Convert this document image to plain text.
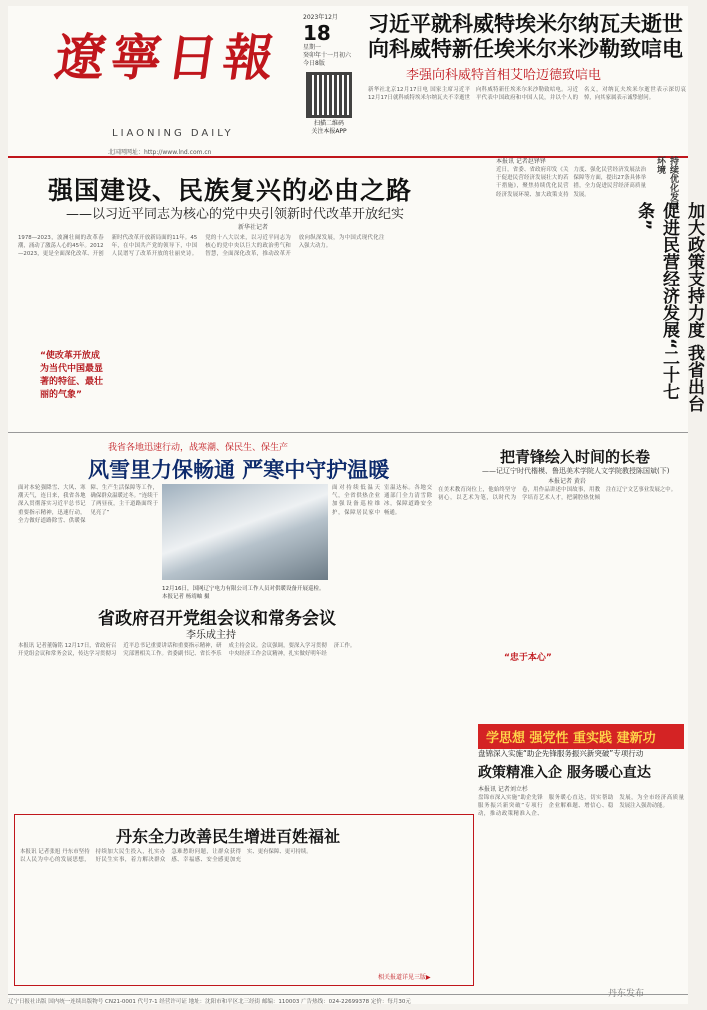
遼寧日報
LIAONING DAILY
2023年12月
18
星期一
癸卯年十一月初六
今日8版
扫描二维码
关注本报APP
习近平就科威特埃米尔纳瓦夫逝世
向科威特新任埃米尔米沙勒致唁电
李强向科威特首相艾哈迈德致唁电
新华社北京12月17日电 国家主席习近平12月17日就科威特埃米尔纳瓦夫不幸逝世向科威特新任埃米尔米沙勒致唁电。习近平代表中国政府和中国人民，并以个人的名义，对纳瓦夫埃米尔逝世表示深切哀悼，向其家属表示诚挚慰问。
北国网网址：http://www.lnd.com.cn
强国建设、民族复兴的必由之路
——以习近平同志为核心的党中央引领新时代改革开放纪实
新华社记者
1978—2023，波澜壮阔的改革春潮，涌动了激荡人心的45年。2012—2023，更是全面深化改革、开创新时代改革开放新局面的11年。45年，在中国共产党的领导下，中国人民谱写了改革开放的壮丽史诗。党的十八大以来，以习近平同志为核心的党中央以巨大的政治勇气和智慧，全面深化改革，推动改革开放向纵深发展，为中国式现代化注入强大动力。
“使改革开放成为当代中国最显著的特征、最壮丽的气象”
本报讯 记者赵铎铎
近日，省委、省政府印发《关于促进民营经济发展壮大的若干措施》，聚焦持续优化民营经济发展环境、加大政策支持力度、强化民营经济发展法治保障等方面，提出27条具体举措，全力促进民营经济高质量发展。	持续优化发展环境
加大政策支持力度 我省出台促进民营经济发展“二十七条”
我省各地迅速行动，战寒潮、保民生、保生产
风雪里力保畅通 严寒中守护温暖
面对本轮强降雪、大风、寒潮天气，连日来，我省各地深入贯彻落实习近平总书记重要指示精神，迅速行动，全力做好道路除雪、供暖保障、生产生活保障等工作，确保群众温暖过冬。“连续干了两昼夜，主干道路面终于见亮了”
12月16日，国网辽宁电力有限公司工作人员对供暖设备开展巡检。本报记者 杨靖岫 摄
面对持续低温天气，全省供热企业加强设备巡检维护，保障居民家中室温达标。各地交通部门全力清雪除冰，保障道路安全畅通。
把青锋绘入时间的长卷
——记辽宁时代楷模、鲁迅美术学院人文学院教授陈国斌(下)
本报记者 黄岩
在美术教育岗位上，他始终坚守初心，以艺术为笔，以时代为卷，用作品讲述中国故事，用教学培育艺术人才，把满腔热忱倾注在辽宁文艺事业发展之中。
“忠于本心”
省政府召开党组会议和常务会议
李乐成主持
本报讯 记者董翰铭 12月17日，省政府召开党组会议和常务会议，传达学习贯彻习近平总书记重要讲话和重要指示精神，研究部署相关工作。省委副书记、省长李乐成主持会议。会议强调，要深入学习贯彻中央经济工作会议精神，扎实做好明年经济工作。
学思想 强党性 重实践 建新功
盘锦深入实施“助企先锋服务振兴新突破”专项行动
政策精准入企 服务暖心直达
本报讯 记者刘立杉
盘锦市深入实施“助企先锋服务振兴新突破”专项行动，推动政策精准入企、服务暖心直达，切实帮助企业解难题、增信心、稳发展，为全市经济高质量发展注入强劲动能。
丹东全力改善民生增进百姓福祉
本报讯 记者张旭 丹东市坚持以人民为中心的发展思想，持续加大民生投入，扎实办好民生实事，着力解决群众急难愁盼问题，让群众获得感、幸福感、安全感更加充实、更有保障、更可持续。
相关报道详见三版▶
辽宁日报社出版 国内统一连续出版物号 CN21-0001 代号7-1 经营许可证 地址：沈阳市和平区北三经街 邮编：110003 广告热线：024-22699378 定价：每月30元
丹东发布
